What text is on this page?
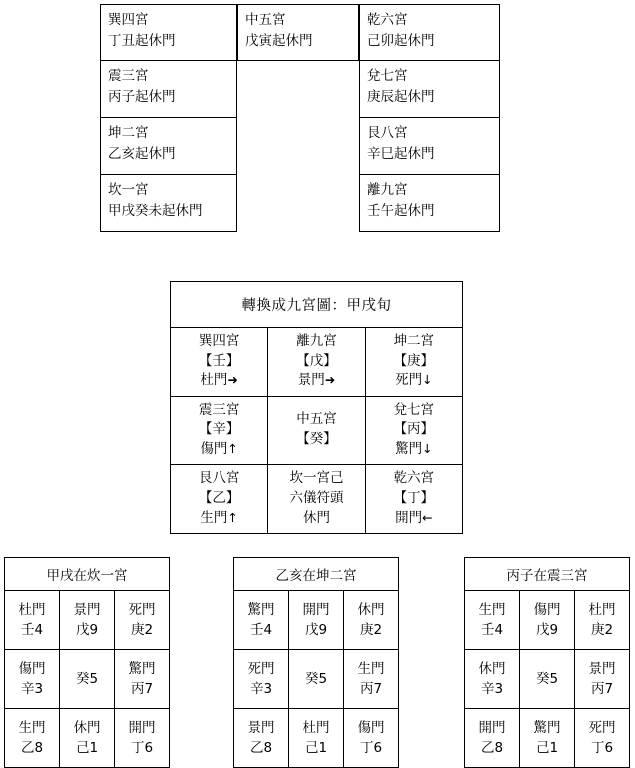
巽四宮
丁丑起休門
震三宮
丙子起休門
坤二宮
乙亥起休門
坎一宮
甲戌癸未起休門
中五宮
戊寅起休門
乾六宮
己卯起休門
兌七宮
庚辰起休門
艮八宮
辛巳起休門
離九宮
壬午起休門
轉換成九宮圖：甲戌旬
巽四宮
【壬】
杜門➜
離九宮
【戊】
景門➜
坤二宮
【庚】
死門↓
震三宮
【辛】
傷門↑
中五宮
【癸】
兌七宮
【丙】
驚門↓
艮八宮
【乙】
生門↑
坎一宮己
六儀符頭
休門
乾六宮
【丁】
開門←
甲戌在炊一宮
杜門
壬4
景門
戊9
死門
庚2
傷門
辛3
癸5
驚門
丙7
生門
乙8
休門
己1
開門
丁6
乙亥在坤二宮
驚門
壬4
開門
戊9
休門
庚2
死門
辛3
癸5
生門
丙7
景門
乙8
杜門
己1
傷門
丁6
丙子在震三宮
生門
壬4
傷門
戊9
杜門
庚2
休門
辛3
癸5
景門
丙7
開門
乙8
驚門
己1
死門
丁6
